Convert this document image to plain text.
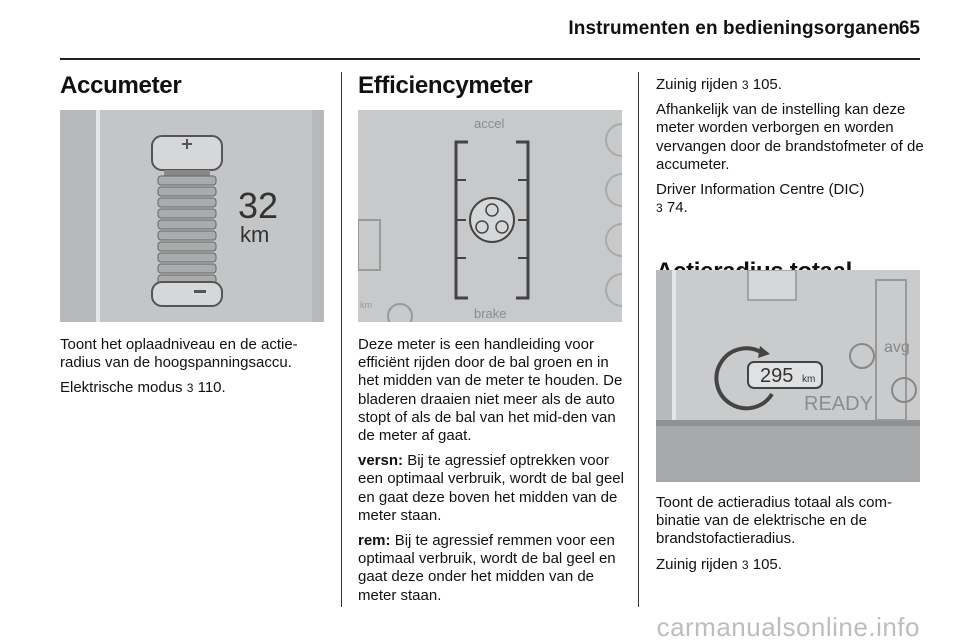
Instrumenten en bedieningsorganen
65
Accumeter
32
km

Toont het oplaadniveau en de actie-radius van de hoogspanningsaccu.

Elektrische modus 3 110.

Efficiencymeter
accel
brake
km

Deze meter is een handleiding voor efficiënt rijden door de bal groen en in het midden van de meter te houden. De bladeren draaien niet meer als de auto stopt of als de bal van het mid-den van de meter af gaat.

versn: Bij te agressief optrekken voor een optimaal verbruik, wordt de bal geel en gaat deze boven het midden van de meter staan.

rem: Bij te agressief remmen voor een optimaal verbruik, wordt de bal geel en gaat deze onder het midden van de meter staan.

Zuinig rijden 3 105.

Afhankelijk van de instelling kan deze meter worden verborgen en worden vervangen door de brandstofmeter of de accumeter.

Driver Information Centre (DIC)
3 74.

avg
295 km
READY

Toont de actieradius totaal als com-binatie van de elektrische en de brandstofactieradius.

Zuinig rijden 3 105.

carmanualsonline.info
